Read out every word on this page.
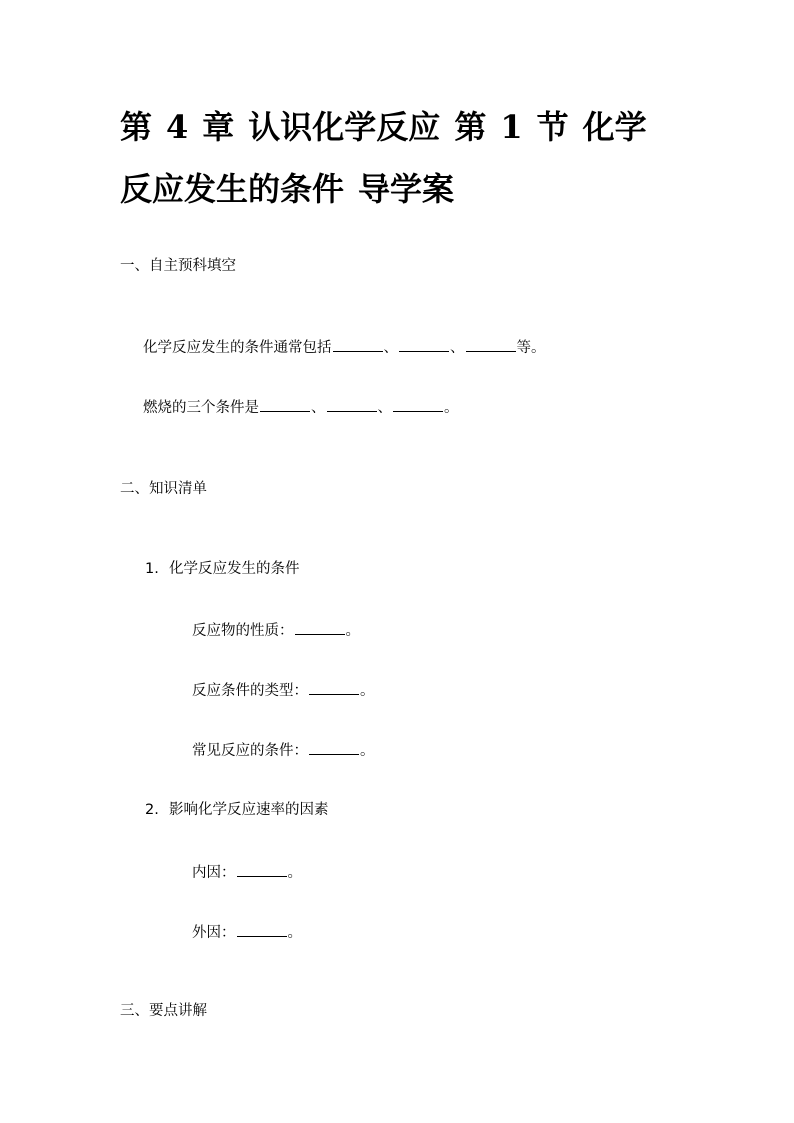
第 4 章 认识化学反应 第 1 节 化学
反应发生的条件 导学案
一、自主预科填空
化学反应发生的条件通常包括	、	、	等。
燃烧的三个条件是	、	、	。
二、知识清单
1. 化学反应发生的条件
反应物的性质：	。
反应条件的类型：	。
常见反应的条件：	。
2. 影响化学反应速率的因素
内因：	。
外因：	。
三、要点讲解
